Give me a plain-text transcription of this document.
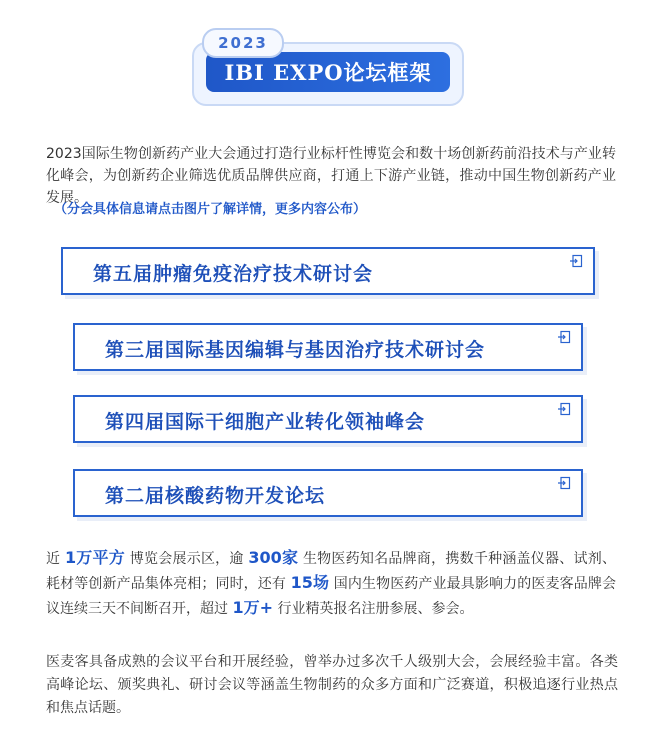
2023
IBI EXPO论坛框架
2023国际生物创新药产业大会通过打造行业标杆性博览会和数十场创新药前沿技术与产业转化峰会，为创新药企业筛选优质品牌供应商，打通上下游产业链，推动中国生物创新药产业发展。
（分会具体信息请点击图片了解详情，更多内容公布）
第五届肿瘤免疫治疗技术研讨会
第三届国际基因编辑与基因治疗技术研讨会
第四届国际干细胞产业转化领袖峰会
第二届核酸药物开发论坛
近 1万平方 博览会展示区，逾 300家 生物医药知名品牌商，携数千种涵盖仪器、试剂、耗材等创新产品集体亮相；同时，还有 15场 国内生物医药产业最具影响力的医麦客品牌会议连续三天不间断召开，超过 1万+ 行业精英报名注册参展、参会。
医麦客具备成熟的会议平台和开展经验，曾举办过多次千人级别大会，会展经验丰富。各类高峰论坛、颁奖典礼、研讨会议等涵盖生物制药的众多方面和广泛赛道，积极追逐行业热点和焦点话题。
